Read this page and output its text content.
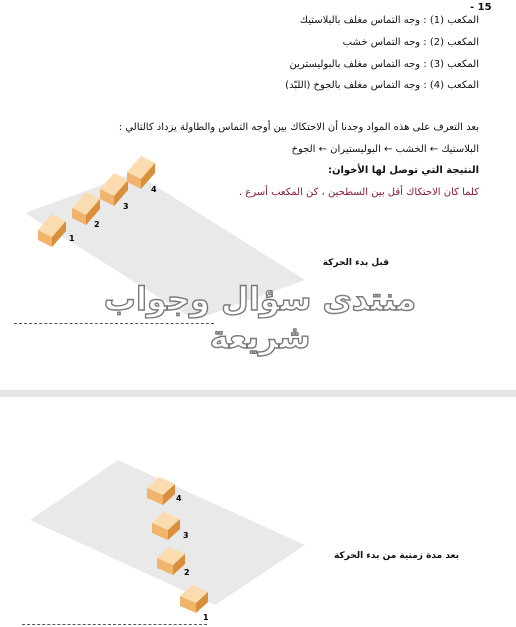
- 15
المكعب (1) : وجه التماس مغلف بالبلاستيك
المكعب (2) : وجه التماس خشب
المكعب (3) : وجه التماس مغلف بالبوليسترين
المكعب (4) : وجه التماس مغلف بالجوخ (اللبّد)
بعد التعرف على هذه المواد وجدنا أن الاحتكاك بين أوجه التماس والطاولة يزداد كالتالي :
البلاستيك ← الخشب ← البوليستيران ← الجوخ
النتيجة التي توصل لها الأخوان:
كلما كان الاحتكاك أقل بين السطحين ، كن المكعب أسرع .
1
2
3
4
4
3
2
1
قبل بدء الحركة
بعد مدة زمنية من بدء الحركة
منتدى سؤال وجواب شريعة
